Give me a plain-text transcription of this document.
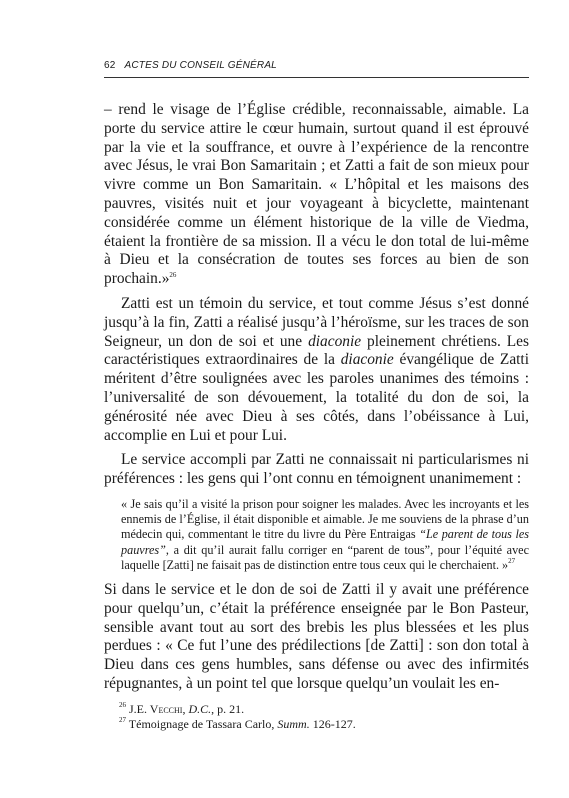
62 ACTES DU CONSEIL GÉNÉRAL

– rend le visage de l’Église crédible, reconnaissable, aimable. La porte du service attire le cœur humain, surtout quand il est éprouvé par la vie et la souffrance, et ouvre à l’expérience de la rencontre avec Jésus, le vrai Bon Samaritain ; et Zatti a fait de son mieux pour vivre comme un Bon Samaritain. « L’hôpital et les maisons des pauvres, visités nuit et jour voyageant à bicyclette, maintenant considérée comme un élément historique de la ville de Viedma, étaient la frontière de sa mission. Il a vécu le don total de lui-même à Dieu et la consécration de toutes ses forces au bien de son prochain.»$^{26}$

Zatti est un témoin du service, et tout comme Jésus s’est donné jusqu’à la fin, Zatti a réalisé jusqu’à l’héroïsme, sur les traces de son Seigneur, un don de soi et une diaconie pleinement chrétiens. Les caractéristiques extraordinaires de la diaconie évangélique de Zatti méritent d’être soulignées avec les paroles unanimes des témoins : l’universalité de son dévouement, la totalité du don de soi, la générosité née avec Dieu à ses côtés, dans l’obéissance à Lui, accomplie en Lui et pour Lui.

Le service accompli par Zatti ne connaissait ni particularismes ni préférences : les gens qui l’ont connu en témoignent unanimement :

« Je sais qu’il a visité la prison pour soigner les malades. Avec les incroyants et les ennemis de l’Église, il était disponible et aimable. Je me souviens de la phrase d’un médecin qui, commentant le titre du livre du Père Entraigas “Le parent de tous les pauvres”, a dit qu’il aurait fallu corriger en “parent de tous”, pour l’équité avec laquelle [Zatti] ne faisait pas de distinction entre tous ceux qui le cherchaient. »$^{27}$

Si dans le service et le don de soi de Zatti il y avait une préférence pour quelqu’un, c’était la préférence enseignée par le Bon Pasteur, sensible avant tout au sort des brebis les plus blessées et les plus perdues : « Ce fut l’une des prédilections [de Zatti] : son don total à Dieu dans ces gens humbles, sans défense ou avec des infirmités répugnantes, à un point tel que lorsque quelqu’un voulait les en-

$^{26}$ J.E. Vecchi, D.C., p. 21.
$^{27}$ Témoignage de Tassara Carlo, Summ. 126-127.
